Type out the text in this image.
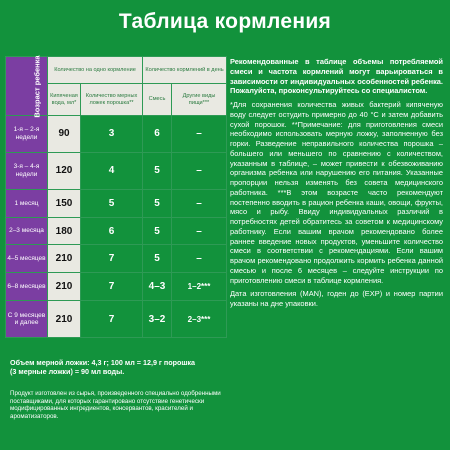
Таблица кормления
Возраст ребенка	Количество на одно кормление		Количество кормлений в день	
	Кипяченая вода, мл*	Количество мерных ложек порошка**	Смесь	Другие виды пищи***
1-я – 2-я недели	90	3	6	–
3-я – 4-я недели	120	4	5	–
1 месяц	150	5	5	–
2–3 месяца	180	6	5	–
4–5 месяцев	210	7	5	–
6–8 месяцев	210	7	4–3	1–2***
С 9 месяцев и далее	210	7	3–2	2–3***
Объем мерной ложки: 4,3 г; 100 мл = 12,9 г порошка
(3 мерные ложки) = 90 мл воды.
Продукт изготовлен из сырья, произведенного специально одобренными поставщиками, для которых гарантировано отсутствие генетически модифицированных ингредиентов, консервантов, красителей и ароматизаторов.

Рекомендованные в таблице объемы потребляемой смеси и частота кормлений могут варьироваться в зависимости от индивидуальных особенностей ребенка. Пожалуйста, проконсультируйтесь со специалистом.

*Для сохранения количества живых бактерий кипяченую воду следует остудить примерно до 40 °С и затем добавить сухой порошок. **Примечание: для приготовления смеси необходимо использовать мерную ложку, заполненную без горки. Разведение неправильного количества порошка – большего или меньшего по сравнению с количеством, указанным в таблице, – может привести к обезвоживанию организма ребенка или нарушению его питания. Указанные пропорции нельзя изменять без совета медицинского работника. ***В этом возрасте часто рекомендуют постепенно вводить в рацион ребенка каши, овощи, фрукты, мясо и рыбу. Ввиду индивидуальных различий в потребностях детей обратитесь за советом к медицинскому работнику. Если вашим врачом рекомендовано более раннее введение новых продуктов, уменьшите количество смеси в соответствии с рекомендациями. Если вашим врачом рекомендовано продолжить кормить ребенка данной смесью и после 6 месяцев – следуйте инструкции по приготовлению смеси в таблице кормления.

Дата изготовления (MAN), годен до (EXP) и номер партии указаны на дне упаковки.
